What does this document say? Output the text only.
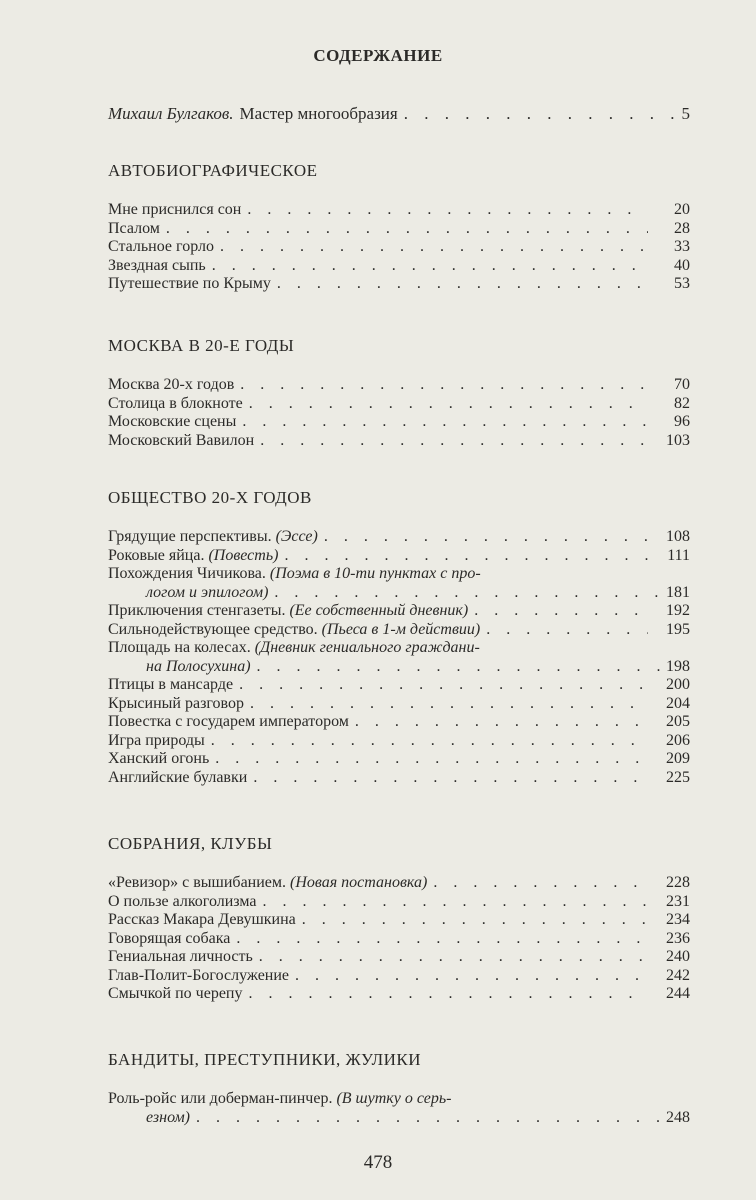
СОДЕРЖАНИЕ
Михаил Булгаков. Мастер многообразия . . .	5
АВТОБИОГРАФИЧЕСКОЕ
Мне приснился сон . . .	20
Псалом . . .	28
Стальное горло . . .	33
Звездная сыпь . . .	40
Путешествие по Крыму . . .	53
МОСКВА В 20-Е ГОДЫ
Москва 20-х годов . . .	70
Столица в блокноте . . .	82
Московские сцены . . .	96
Московский Вавилон . . .	103
ОБЩЕСТВО 20-Х ГОДОВ
Грядущие перспективы. (Эссе) . . .	108
Роковые яйца. (Повесть) . . .	111
Похождения Чичикова. (Поэма в 10-ти пунктах с про-
логом и эпилогом) . . .	181
Приключения стенгазеты. (Ее собственный дневник) . . .	192
Сильнодействующее средство. (Пьеса в 1-м действии) . . .	195
Площадь на колесах. (Дневник гениального граждани-
на Полосухина) . . .	198
Птицы в мансарде . . .	200
Крысиный разговор . . .	204
Повестка с государем императором . . .	205
Игра природы . . .	206
Ханский огонь . . .	209
Английские булавки . . .	225
СОБРАНИЯ, КЛУБЫ
«Ревизор» с вышибанием. (Новая постановка) . . .	228
О пользе алкоголизма . . .	231
Рассказ Макара Девушкина . . .	234
Говорящая собака . . .	236
Гениальная личность . . .	240
Глав-Полит-Богослужение . . .	242
Смычкой по черепу . . .	244
БАНДИТЫ, ПРЕСТУПНИКИ, ЖУЛИКИ
Роль-ройс или доберман-пинчер. (В шутку о серь-
езном) . . .	248
478
